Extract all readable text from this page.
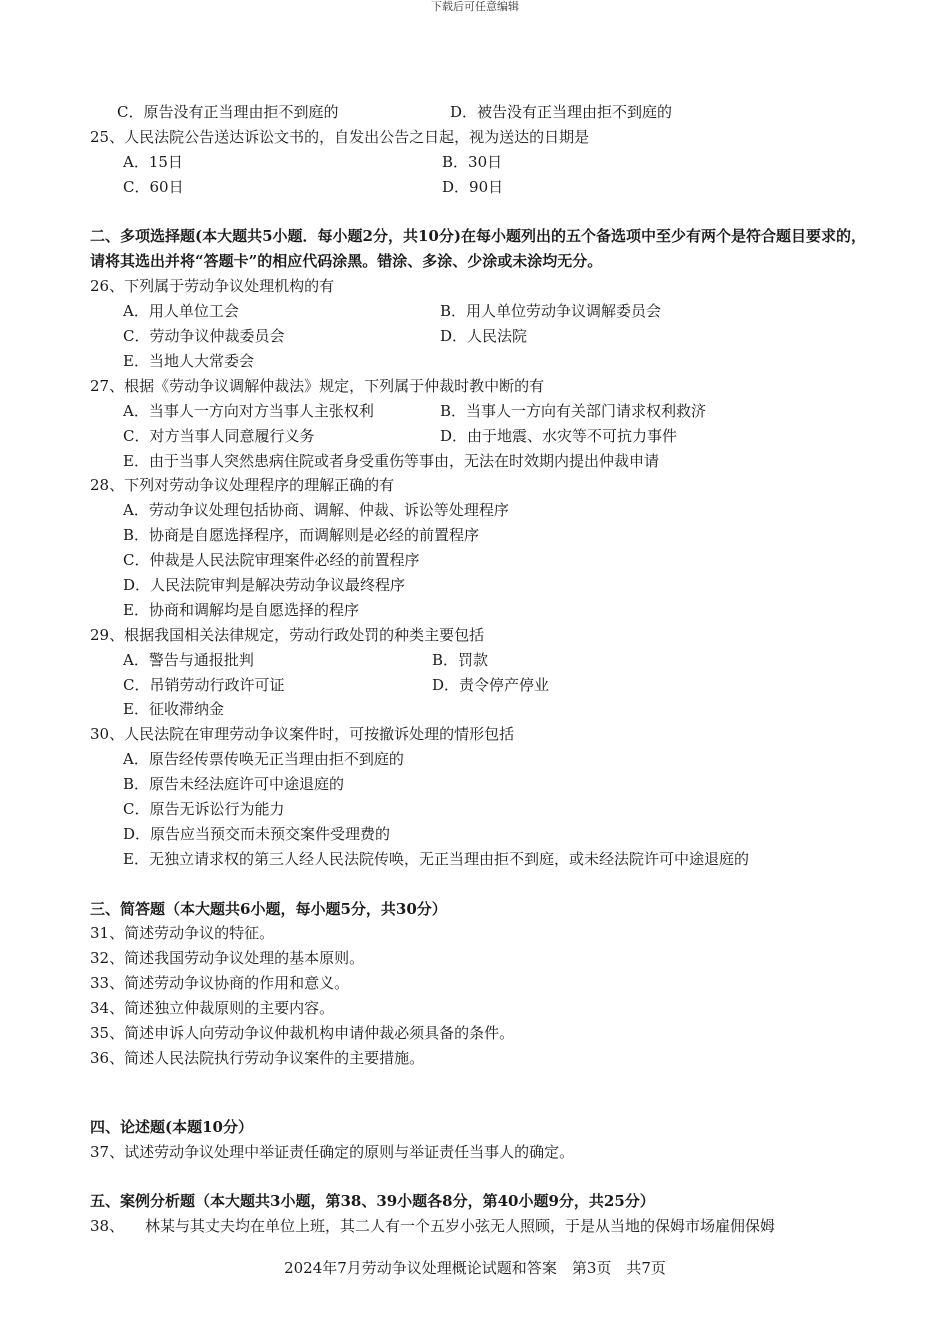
下载后可任意编辑
C．原告没有正当理由拒不到庭的	D．被告没有正当理由拒不到庭的
25、人民法院公告送达诉讼文书的，自发出公告之日起，视为送达的日期是
A．15日	B．30日
C．60日	D．90日
二、多项选择题(本大题共5小题．每小题2分，共10分)在每小题列出的五个备选项中至少有两个是符合题目要求的，请将其选出并将“答题卡”的相应代码涂黑。错涂、多涂、少涂或未涂均无分。
26、下列属于劳动争议处理机构的有
A．用人单位工会	B．用人单位劳动争议调解委员会
C．劳动争议仲裁委员会	D．人民法院
E．当地人大常委会
27、根据《劳动争议调解仲裁法》规定，下列属于仲裁时教中断的有
A．当事人一方向对方当事人主张权利	B．当事人一方向有关部门请求权利救济
C．对方当事人同意履行义务	D．由于地震、水灾等不可抗力事件
E．由于当事人突然患病住院或者身受重伤等事由，无法在时效期内提出仲裁申请
28、下列对劳动争议处理程序的理解正确的有
A．劳动争议处理包括协商、调解、仲裁、诉讼等处理程序
B．协商是自愿选择程序，而调解则是必经的前置程序
C．仲裁是人民法院审理案件必经的前置程序
D．人民法院审判是解决劳动争议最终程序
E．协商和调解均是自愿选择的程序
29、根据我国相关法律规定，劳动行政处罚的种类主要包括
A．警告与通报批判	B．罚款
C．吊销劳动行政许可证	D．责令停产停业
E．征收滞纳金
30、人民法院在审理劳动争议案件时，可按撤诉处理的情形包括
A．原告经传票传唤无正当理由拒不到庭的
B．原告未经法庭许可中途退庭的
C．原告无诉讼行为能力
D．原告应当预交而未预交案件受理费的
E．无独立请求权的第三人经人民法院传唤，无正当理由拒不到庭，或未经法院许可中途退庭的
三、简答题（本大题共6小题，每小题5分，共30分）
31、简述劳动争议的特征。
32、简述我国劳动争议处理的基本原则。
33、简述劳动争议协商的作用和意义。
34、简述独立仲裁原则的主要内容。
35、简述申诉人向劳动争议仲裁机构申请仲裁必须具备的条件。
36、简述人民法院执行劳动争议案件的主要措施。
四、论述题(本题10分）
37、试述劳动争议处理中举证责任确定的原则与举证责任当事人的确定。
五、案例分析题（本大题共3小题，第38、39小题各8分，第40小题9分，共25分）
38、 林某与其丈夫均在单位上班，其二人有一个五岁小弦无人照顾，于是从当地的保姆市场雇佣保姆
2024年7月劳动争议处理概论试题和答案　第3页　共7页
